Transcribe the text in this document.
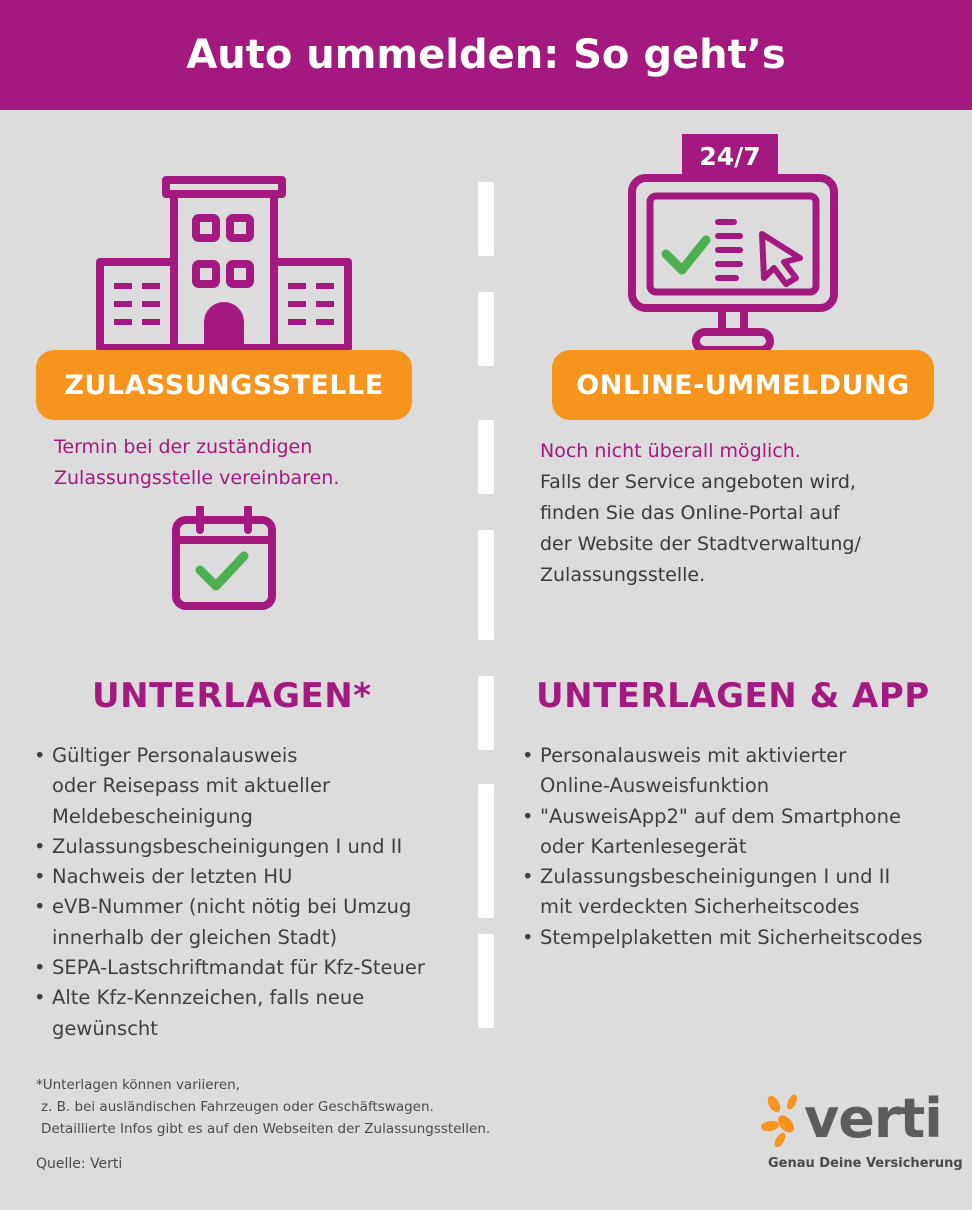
Auto ummelden: So geht’s
ZULASSUNGSSTELLE
Termin bei der zuständigen
Zulassungsstelle vereinbaren.
UNTERLAGEN*
• Gültiger Personalausweis
oder Reisepass mit aktueller
Meldebescheinigung
• Zulassungsbescheinigungen I und II
• Nachweis der letzten HU
• eVB-Nummer (nicht nötig bei Umzug
innerhalb der gleichen Stadt)
• SEPA-Lastschriftmandat für Kfz-Steuer
• Alte Kfz-Kennzeichen, falls neue
gewünscht
24/7
ONLINE-UMMELDUNG
Noch nicht überall möglich.
Falls der Service angeboten wird,
finden Sie das Online-Portal auf
der Website der Stadtverwaltung/
Zulassungsstelle.
UNTERLAGEN & APP
• Personalausweis mit aktivierter
Online-Ausweisfunktion
• "AusweisApp2" auf dem Smartphone
oder Kartenlesegerät
• Zulassungsbescheinigungen I und II
mit verdeckten Sicherheitscodes
• Stempelplaketten mit Sicherheitscodes
*Unterlagen können variieren,
z. B. bei ausländischen Fahrzeugen oder Geschäftswagen.
Detaillierte Infos gibt es auf den Webseiten der Zulassungsstellen.
Quelle: Verti
verti
Genau Deine Versicherung
